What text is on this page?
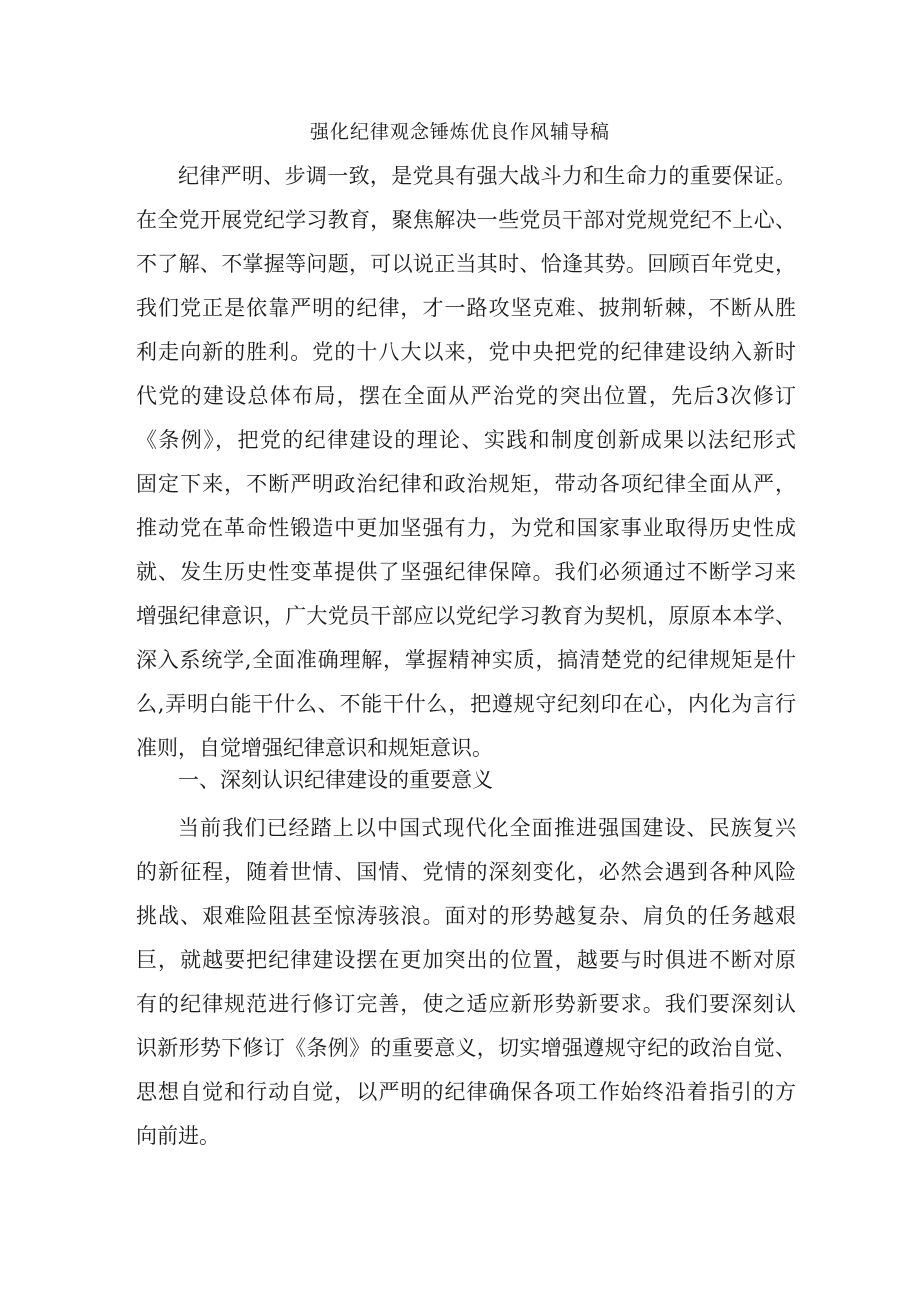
强化纪律观念锤炼优良作风辅导稿
纪律严明、步调一致，是党具有强大战斗力和生命力的重要保证。
在全党开展党纪学习教育，聚焦解决一些党员干部对党规党纪不上心、
不了解、不掌握等问题，可以说正当其时、恰逢其势。回顾百年党史，
我们党正是依靠严明的纪律，才一路攻坚克难、披荆斩棘，不断从胜
利走向新的胜利。党的十八大以来，党中央把党的纪律建设纳入新时
代党的建设总体布局，摆在全面从严治党的突出位置，先后3次修订
《条例》，把党的纪律建设的理论、实践和制度创新成果以法纪形式
固定下来，不断严明政治纪律和政治规矩，带动各项纪律全面从严，
推动党在革命性锻造中更加坚强有力，为党和国家事业取得历史性成
就、发生历史性变革提供了坚强纪律保障。我们必须通过不断学习来
增强纪律意识，广大党员干部应以党纪学习教育为契机，原原本本学、
深入系统学,全面准确理解，掌握精神实质，搞清楚党的纪律规矩是什
么,弄明白能干什么、不能干什么，把遵规守纪刻印在心，内化为言行
准则，自觉增强纪律意识和规矩意识。
一、深刻认识纪律建设的重要意义
当前我们已经踏上以中国式现代化全面推进强国建设、民族复兴
的新征程，随着世情、国情、党情的深刻变化，必然会遇到各种风险
挑战、艰难险阻甚至惊涛骇浪。面对的形势越复杂、肩负的任务越艰
巨，就越要把纪律建设摆在更加突出的位置，越要与时俱进不断对原
有的纪律规范进行修订完善，使之适应新形势新要求。我们要深刻认
识新形势下修订《条例》的重要意义，切实增强遵规守纪的政治自觉、
思想自觉和行动自觉，以严明的纪律确保各项工作始终沿着指引的方
向前进。
